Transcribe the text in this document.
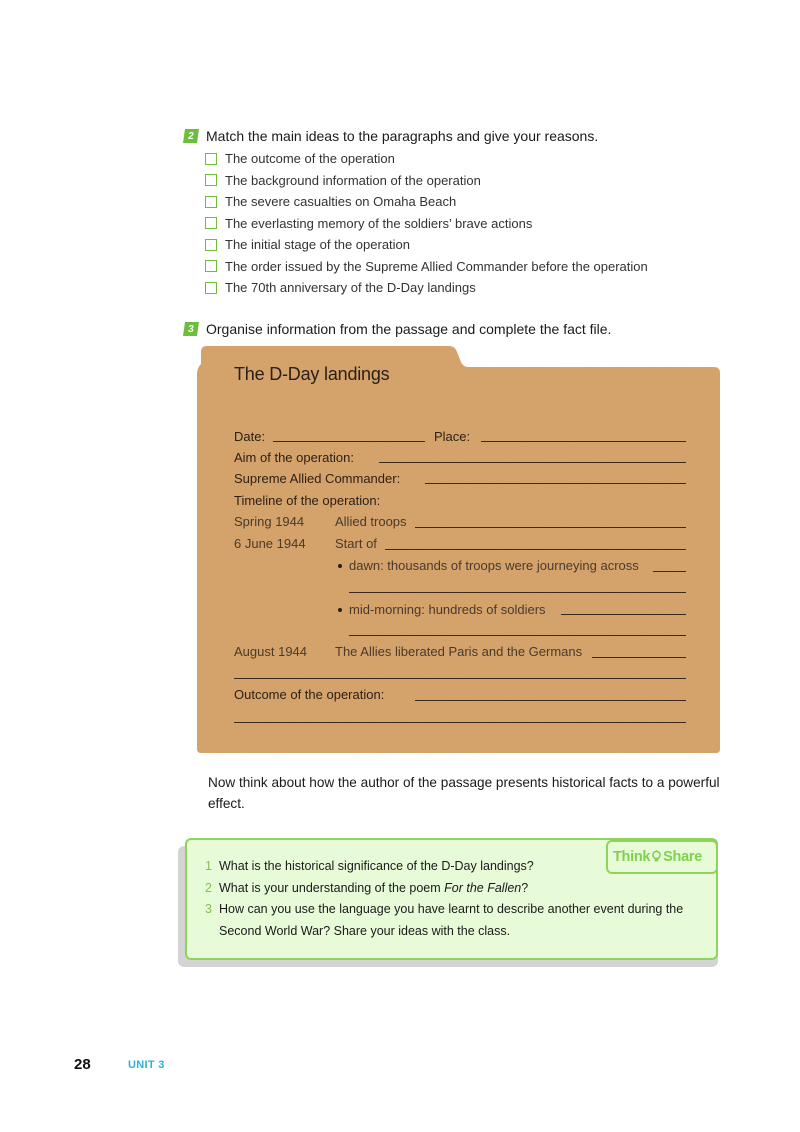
2 Match the main ideas to the paragraphs and give your reasons.
The outcome of the operation
The background information of the operation
The severe casualties on Omaha Beach
The everlasting memory of the soldiers’ brave actions
The initial stage of the operation
The order issued by the Supreme Allied Commander before the operation
The 70th anniversary of the D-Day landings
3 Organise information from the passage and complete the fact file.
The D-Day landings
Date:	Place:
Aim of the operation:
Supreme Allied Commander:
Timeline of the operation:
Spring 1944 Allied troops
6 June 1944 Start of
dawn: thousands of troops were journeying across
mid-morning: hundreds of soldiers
August 1944 The Allies liberated Paris and the Germans
Outcome of the operation:
Now think about how the author of the passage presents historical facts to a powerful effect.
Think Share
1 What is the historical significance of the D-Day landings?
2 What is your understanding of the poem For the Fallen?
3 How can you use the language you have learnt to describe another event during the Second World War? Share your ideas with the class.
28	UNIT 3
